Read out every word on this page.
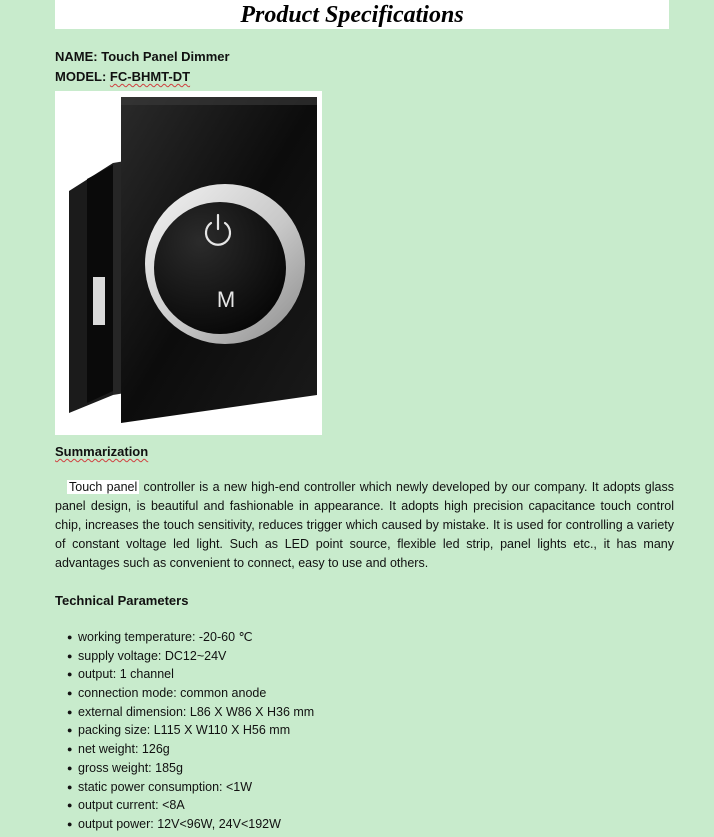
Product Specifications
NAME: Touch Panel Dimmer
MODEL: FC-BHMT-DT
M
Summarization
Touch panel controller is a new high-end controller which newly developed by our company. It adopts glass panel design, is beautiful and fashionable in appearance. It adopts high precision capacitance touch control chip, increases the touch sensitivity, reduces trigger which caused by mistake. It is used for controlling a variety of constant voltage led light. Such as LED point source, flexible led strip, panel lights etc., it has many advantages such as convenient to connect, easy to use and others.
Technical Parameters
● working temperature: -20-60 ℃
● supply voltage: DC12~24V
● output: 1 channel
● connection mode: common anode
● external dimension: L86 X W86 X H36 mm
● packing size: L115 X W110 X H56 mm
● net weight: 126g
● gross weight: 185g
● static power consumption: <1W
● output current: <8A
● output power: 12V<96W, 24V<192W
